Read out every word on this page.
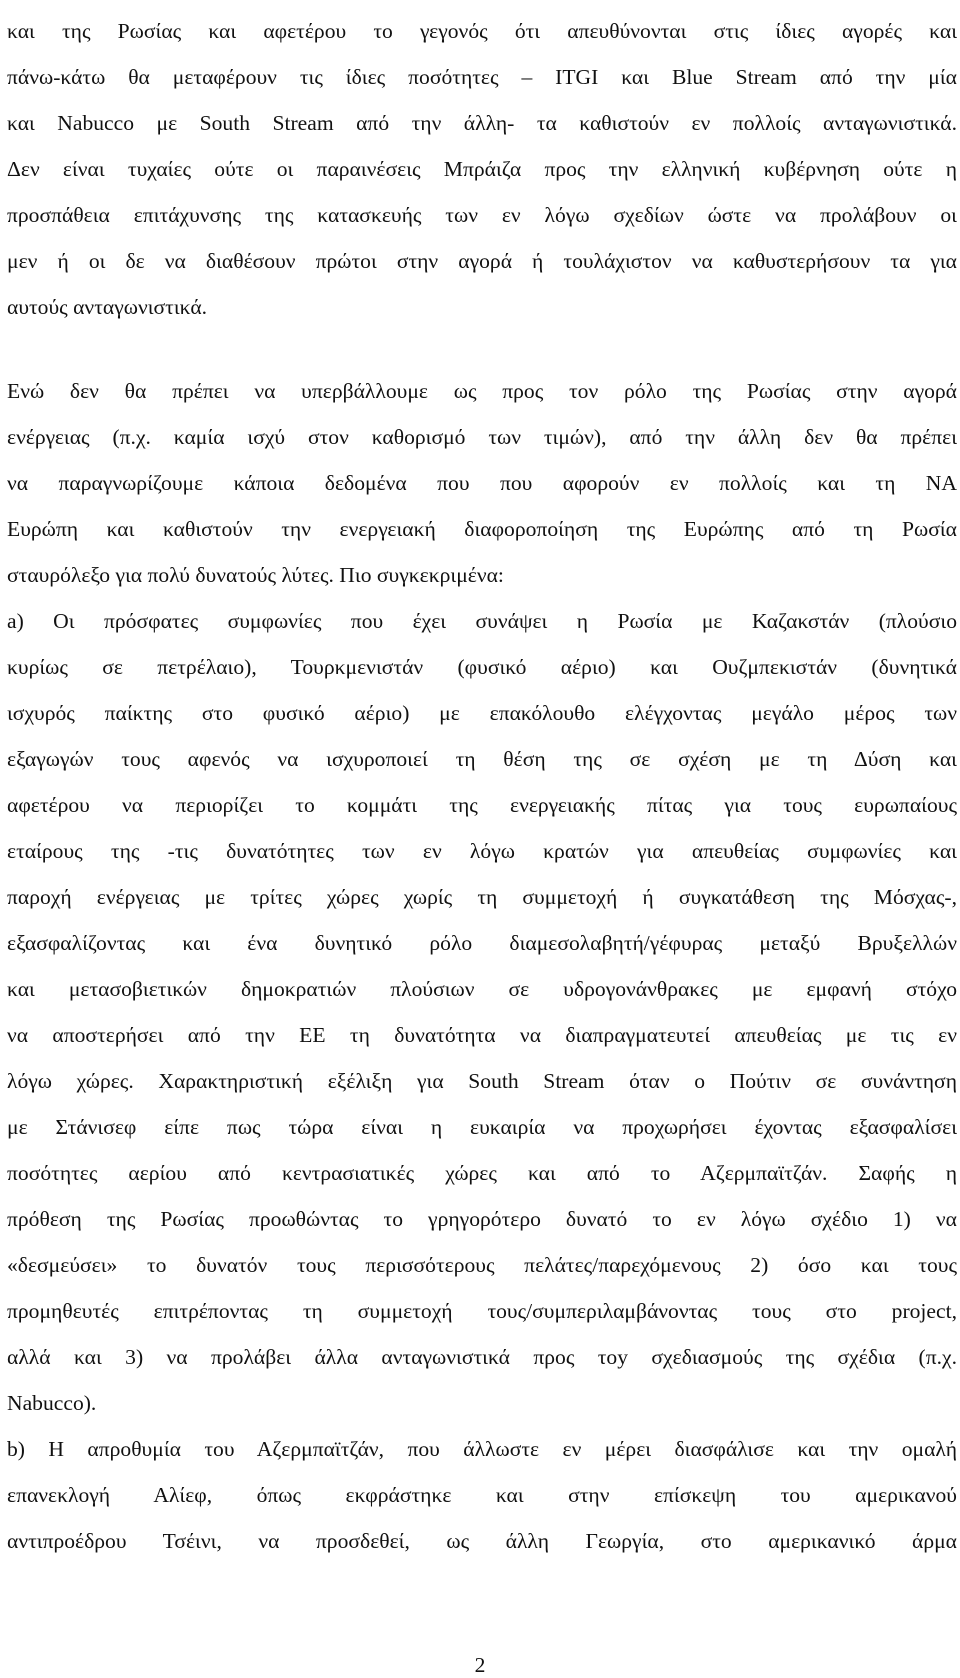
και της Ρωσίας και αφετέρου το γεγονός ότι απευθύνονται στις ίδιες αγορές και
πάνω-κάτω θα μεταφέρουν τις ίδιες ποσότητες – ITGI και Blue Stream από την μία
και Nabucco με South Stream από την άλλη- τα καθιστούν εν πολλοίς ανταγωνιστικά.
Δεν είναι τυχαίες ούτε οι παραινέσεις Μπράιζα προς την ελληνική κυβέρνηση ούτε η
προσπάθεια επιτάχυνσης της κατασκευής των εν λόγω σχεδίων ώστε να προλάβουν οι
μεν ή οι δε να διαθέσουν πρώτοι στην αγορά ή τουλάχιστον να καθυστερήσουν τα για
αυτούς ανταγωνιστικά.
Ενώ δεν θα πρέπει να υπερβάλλουμε ως προς τον ρόλο της Ρωσίας στην αγορά
ενέργειας (π.χ. καμία ισχύ στον καθορισμό των τιμών), από την άλλη δεν θα πρέπει
να παραγνωρίζουμε κάποια δεδομένα που που αφορούν εν πολλοίς και τη ΝΑ
Ευρώπη και καθιστούν την ενεργειακή διαφοροποίηση της Ευρώπης από τη Ρωσία
σταυρόλεξο για πολύ δυνατούς λύτες. Πιο συγκεκριμένα:
a) Οι πρόσφατες συμφωνίες που έχει συνάψει η Ρωσία με Καζακστάν (πλούσιο
κυρίως σε πετρέλαιο), Τουρκμενιστάν (φυσικό αέριο) και Ουζμπεκιστάν (δυνητικά
ισχυρός παίκτης στο φυσικό αέριο) με επακόλουθο ελέγχοντας μεγάλο μέρος των
εξαγωγών τους αφενός να ισχυροποιεί τη θέση της σε σχέση με τη Δύση και
αφετέρου να περιορίζει το κομμάτι της ενεργειακής πίτας για τους ευρωπαίους
εταίρους της -τις δυνατότητες των εν λόγω κρατών για απευθείας συμφωνίες και
παροχή ενέργειας με τρίτες χώρες χωρίς τη συμμετοχή ή συγκατάθεση της Μόσχας-,
εξασφαλίζοντας και ένα δυνητικό ρόλο διαμεσολαβητή/γέφυρας μεταξύ Βρυξελλών
και μετασοβιετικών δημοκρατιών πλούσιων σε υδρογονάνθρακες με εμφανή στόχο
να αποστερήσει από την ΕΕ τη δυνατότητα να διαπραγματευτεί απευθείας με τις εν
λόγω χώρες. Χαρακτηριστική εξέλιξη για South Stream όταν ο Πούτιν σε συνάντηση
με Στάνισεφ είπε πως τώρα είναι η ευκαιρία να προχωρήσει έχοντας εξασφαλίσει
ποσότητες αερίου από κεντρασιατικές χώρες και από το Αζερμπαϊτζάν. Σαφής η
πρόθεση της Ρωσίας προωθώντας το γρηγορότερο δυνατό το εν λόγω σχέδιο 1) να
«δεσμεύσει» το δυνατόν τους περισσότερους πελάτες/παρεχόμενους 2) όσο και τους
προμηθευτές επιτρέποντας τη συμμετοχή τους/συμπεριλαμβάνοντας τους στο project,
αλλά και 3) να προλάβει άλλα ανταγωνιστικά προς τοy σχεδιασμούς της σχέδια (π.χ.
Nabucco).
b) Η απροθυμία του Αζερμπαϊτζάν, που άλλωστε εν μέρει διασφάλισε και την ομαλή
επανεκλογή Αλίεφ, όπως εκφράστηκε και στην επίσκεψη του αμερικανού
αντιπροέδρου Τσέινι, να προσδεθεί, ως άλλη Γεωργία, στο αμερικανικό άρμα
2
